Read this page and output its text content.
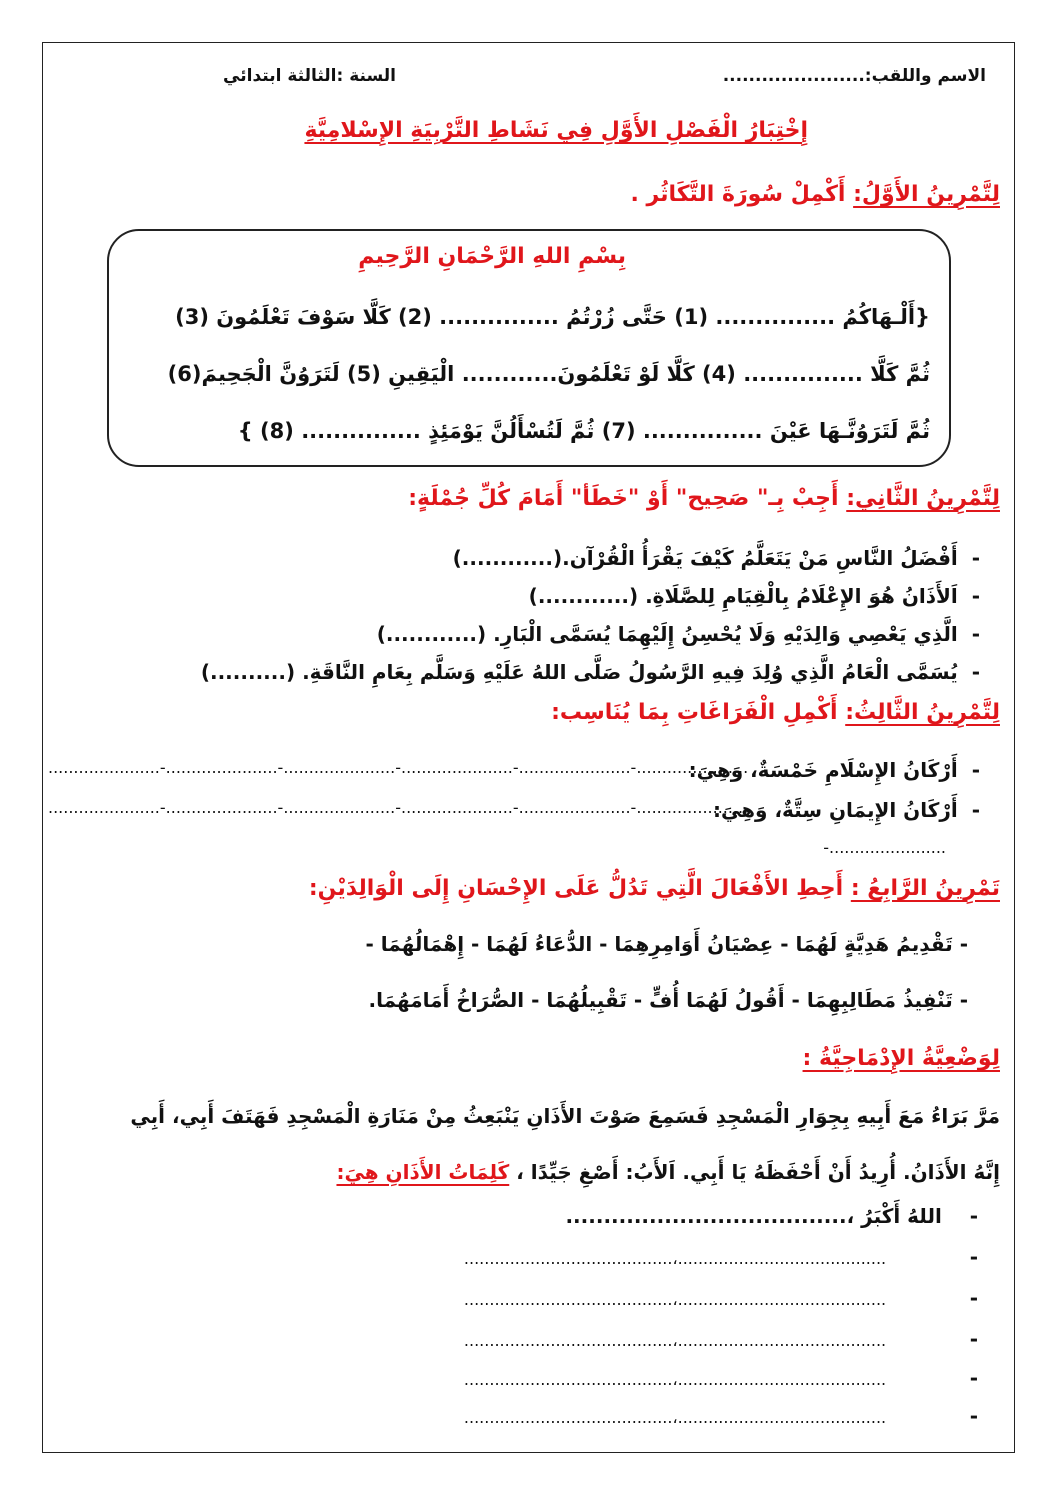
الاسم واللقب:......................
السنة :الثالثة ابتدائي
إِخْتِبَارُ الْفَصْلِ الأَوَّلِ فِي نَشَاطِ التَّرْبِيَةِ الإِسْلامِيَّةِ
لِتَّمْرِينُ الأَوَّلُ: أَكْمِلْ سُورَةَ التَّكَاثُر .
بِسْمِ اللهِ الرَّحْمَانِ الرَّحِيمِ
{أَلْـهَاكُمُ ............... (1) حَتَّى زُرْتُمُ ............... (2) كَلَّا سَوْفَ تَعْلَمُونَ (3)
ثُمَّ كَلَّا ............... (4) كَلَّا لَوْ تَعْلَمُونَ............ الْيَقِينِ (5) لَتَرَوُنَّ الْجَحِيمَ(6)
ثُمَّ لَتَرَوُنَّـهَا عَيْنَ ............... (7) ثُمَّ لَتُسْأَلُنَّ يَوْمَئِذٍ ............... (8) }
لِتَّمْرِينُ الثَّانِي: أَجِبْ بِـ" صَحِيح" أَوْ "خَطَأ" أَمَامَ كُلِّ جُمْلَةٍ:
-  أَفْضَلُ النَّاسِ مَنْ يَتَعَلَّمُ كَيْفَ يَقْرَأُ الْقُرْآن.(............)
-  اَلأَذَانُ هُوَ الإِعْلَامُ بِالْقِيَامِ لِلصَّلَاةِ. (............)
-  الَّذِي يَعْصِي وَالِدَيْهِ وَلَا يُحْسِنُ إِلَيْهِمَا يُسَمَّى الْبَارِ. (............)
-  يُسَمَّى الْعَامُ الَّذِي وُلِدَ فِيهِ الرَّسُولُ صَلَّى اللهُ عَلَيْهِ وَسَلَّم بِعَامِ النَّاقَةِ. (..........)
لِتَّمْرِينُ الثَّالِثُ: أَكْمِلِ الْفَرَاغَاتِ بِمَا يُنَاسِب:
-  أَرْكَانُ الإِسْلَامِ خَمْسَةٌ، وَهِيَ:
......................-......................-......................-......................-......................-......................
-  أَرْكَانُ الإِيمَانِ سِتَّةٌ، وَهِيَ:
......................-......................-......................-......................-......................-......................
.......................-
تَمْرِينُ الرَّابِعُ : أَحِطِ الأَفْعَالَ الَّتِي تَدُلُّ عَلَى الإِحْسَانِ إِلَى الْوَالِدَيْنِ:
- تَقْدِيمُ هَدِيَّةٍ لَهُمَا - عِصْيَانُ أَوَامِرِهِمَا - الدُّعَاءُ لَهُمَا - إِهْمَالُهُمَا -
- تَنْفِيذُ مَطَالِبِهِمَا - أَقُولُ لَهُمَا أُفٍّ - تَقْبِيلُهُمَا - الصُّرَاخُ أَمَامَهُمَا.
لِوَضْعِيَّةُ الإِدْمَاجِيَّةُ :
مَرَّ بَرَاءُ مَعَ أَبِيهِ بِجِوَارِ الْمَسْجِدِ فَسَمِعَ صَوْتَ الأَذَانِ يَنْبَعِثُ مِنْ مَنَارَةِ الْمَسْجِدِ فَهَتَفَ أَبِي، أَبِي
إِنَّهُ الأَذَانُ. أُرِيدُ أَنْ أَحْفَظَهُ يَا أَبِي. اَلأَبُ: أَصْغِ جَيِّدًا ، كَلِمَاتُ الأَذَانِ هِيَ:
-    اللهُ أَكْبَرُ ،.....................................
-            .........................................،.........................................
-            .........................................،.........................................
-            .........................................،.........................................
-            .........................................،.........................................
-            .........................................،.........................................
